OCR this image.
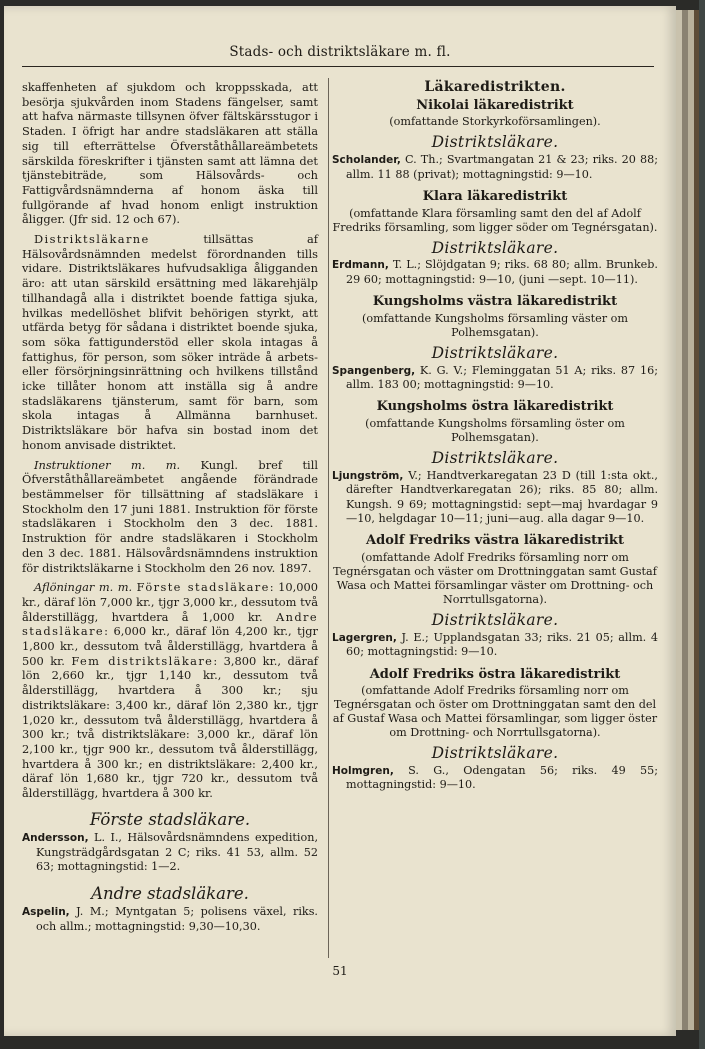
Stads- och distriktsläkare m. fl.

skaffenheten af sjukdom och kroppsskada, att besörja sjukvården inom Stadens fängelser, samt att hafva närmaste tillsynen öfver fältskärsstugor i Staden. I öfrigt har andre stadsläkaren att ställa sig till efterrättelse Öfverståthållareämbetets särskilda föreskrifter i tjänsten samt att lämna det tjänstebiträde, som Hälsovårds- och Fattigvårdsnämnderna af honom äska till fullgörande af hvad honom enligt instruktion åligger. (Jfr sid. 12 och 67).

Distriktsläkarne tillsättas af Hälsovårdsnämnden medelst förordnanden tills vidare. Distriktsläkares hufvudsakliga åligganden äro: att utan särskild ersättning med läkarehjälp tillhandagå alla i distriktet boende fattiga sjuka, hvilkas medellöshet blifvit behörigen styrkt, att utfärda betyg för sådana i distriktet boende sjuka, som söka fattigunderstöd eller skola intagas å fattighus, för person, som söker inträde å arbets- eller försörjningsinrättning och hvilkens tillstånd icke tillåter honom att inställa sig å andre stadsläkarens tjänsterum, samt för barn, som skola intagas å Allmänna barnhuset. Distriktsläkare bör hafva sin bostad inom det honom anvisade distriktet.

Instruktioner m. m. Kungl. bref till Öfverståthållareämbetet angående förändrade bestämmelser för tillsättning af stadsläkare i Stockholm den 17 juni 1881. Instruktion för förste stadsläkaren i Stockholm den 3 dec. 1881. Instruktion för andre stadsläkaren i Stockholm den 3 dec. 1881. Hälsovårdsnämndens instruktion för distriktsläkarne i Stockholm den 26 nov. 1897.

Aflöningar m. m. Förste stadsläkare: 10,000 kr., däraf lön 7,000 kr., tjgr 3,000 kr., dessutom två ålderstillägg, hvartdera å 1,000 kr. Andre stadsläkare: 6,000 kr., däraf lön 4,200 kr., tjgr 1,800 kr., dessutom två ålderstillägg, hvartdera å 500 kr. Fem distriktsläkare: 3,800 kr., däraf lön 2,660 kr., tjgr 1,140 kr., dessutom två ålderstillägg, hvartdera å 300 kr.; sju distriktsläkare: 3,400 kr., däraf lön 2,380 kr., tjgr 1,020 kr., dessutom två ålderstillägg, hvartdera å 300 kr.; två distriktsläkare: 3,000 kr., däraf lön 2,100 kr., tjgr 900 kr., dessutom två ålderstillägg, hvartdera å 300 kr.; en distriktsläkare: 2,400 kr., däraf lön 1,680 kr., tjgr 720 kr., dessutom två ålderstillägg, hvartdera å 300 kr.

Förste stadsläkare.

Andersson, L. I., Hälsovårdsnämndens expedition, Kungsträdgårdsgatan 2 C; riks. 41 53, allm. 52 63; mottagningstid: 1—2.

Andre stadsläkare.

Aspelin, J. M.; Myntgatan 5; polisens växel, riks. och allm.; mottagningstid: 9,30—10,30.

Läkaredistrikten.
Nikolai läkaredistrikt
(omfattande Storkyrkoförsamlingen).
Distriktsläkare.

Scholander, C. Th.; Svartmangatan 21 & 23; riks. 20 88; allm. 11 88 (privat); mottagningstid: 9—10.

Klara läkaredistrikt
(omfattande Klara församling samt den del af Adolf Fredriks församling, som ligger söder om Tegnérsgatan).
Distriktsläkare.

Erdmann, T. L.; Slöjdgatan 9; riks. 68 80; allm. Brunkeb. 29 60; mottagningstid: 9—10, (juni —sept. 10—11).

Kungsholms västra läkaredistrikt
(omfattande Kungsholms församling väster om Polhemsgatan).
Distriktsläkare.

Spangenberg, K. G. V.; Fleminggatan 51 A; riks. 87 16; allm. 183 00; mottagningstid: 9—10.

Kungsholms östra läkaredistrikt
(omfattande Kungsholms församling öster om Polhemsgatan).
Distriktsläkare.

Ljungström, V.; Handtverkaregatan 23 D (till 1:sta okt., därefter Handtverkaregatan 26); riks. 85 80; allm. Kungsh. 9 69; mottagningstid: sept—maj hvardagar 9—10, helgdagar 10—11; juni—aug. alla dagar 9—10.

Adolf Fredriks västra läkaredistrikt
(omfattande Adolf Fredriks församling norr om Tegnérsgatan och väster om Drottninggatan samt Gustaf Wasa och Mattei församlingar väster om Drottning- och Norrtullsgatorna).
Distriktsläkare.

Lagergren, J. E.; Upplandsgatan 33; riks. 21 05; allm. 4 60; mottagningstid: 9—10.

Adolf Fredriks östra läkaredistrikt
(omfattande Adolf Fredriks församling norr om Tegnérsgatan och öster om Drottninggatan samt den del af Gustaf Wasa och Mattei församlingar, som ligger öster om Drottning- och Norrtullsgatorna).
Distriktsläkare.

Holmgren, S. G., Odengatan 56; riks. 49 55; mottagningstid: 9—10.

51
